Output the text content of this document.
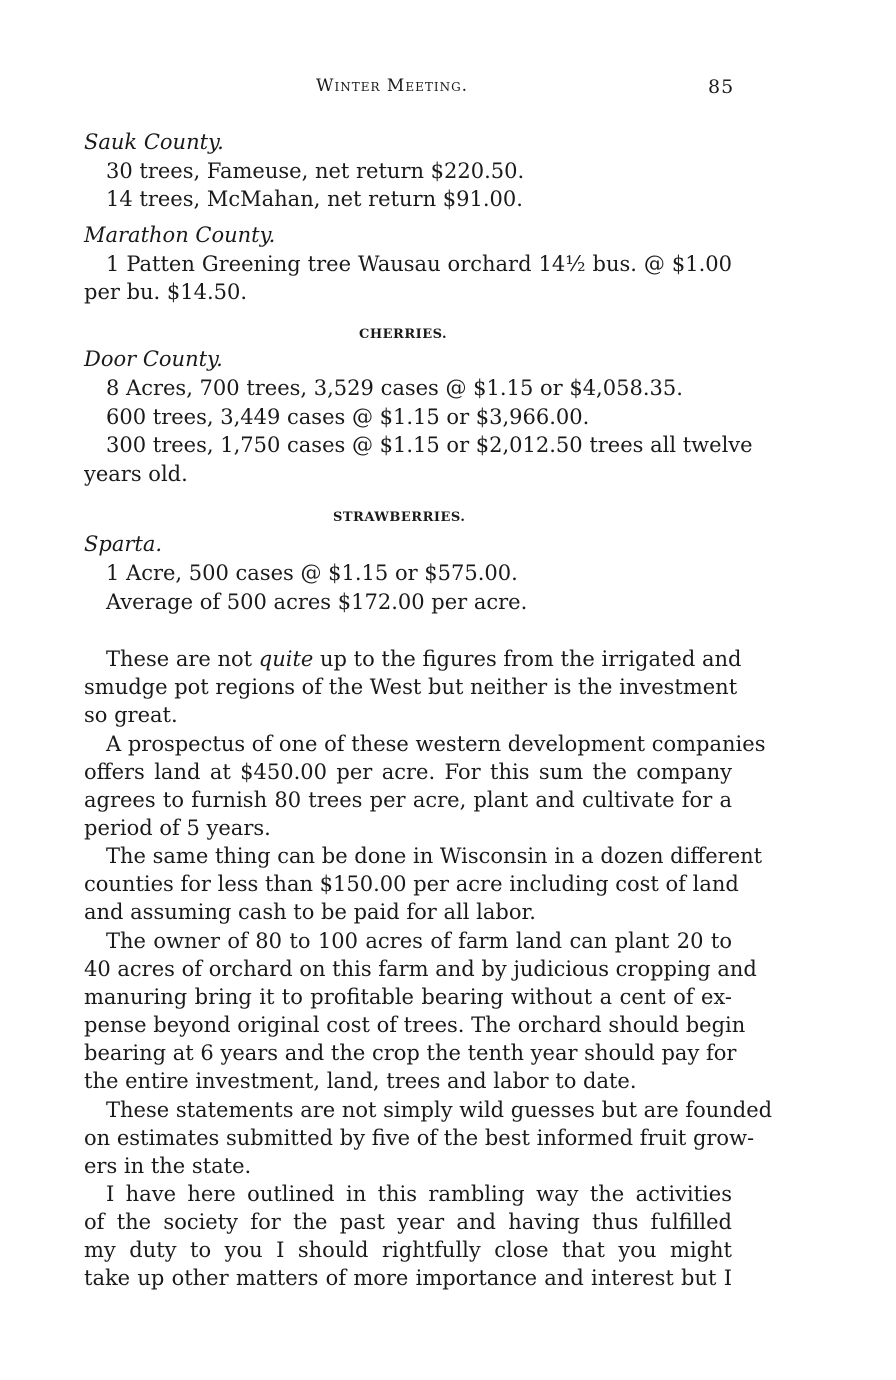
Winter Meeting.	85
Sauk County.
30 trees, Fameuse, net return $220.50.
14 trees, McMahan, net return $91.00.
Marathon County.
1 Patten Greening tree Wausau orchard 14½ bus. @ $1.00
per bu. $14.50.
CHERRIES.
Door County.
8 Acres, 700 trees, 3,529 cases @ $1.15 or $4,058.35.
600 trees, 3,449 cases @ $1.15 or $3,966.00.
300 trees, 1,750 cases @ $1.15 or $2,012.50 trees all twelve
years old.
STRAWBERRIES.
Sparta.
1 Acre, 500 cases @ $1.15 or $575.00.
Average of 500 acres $172.00 per acre.
These are not quite up to the figures from the irrigated and
smudge pot regions of the West but neither is the investment
so great.
A prospectus of one of these western development companies
offers land at $450.00 per acre. For this sum the company
agrees to furnish 80 trees per acre, plant and cultivate for a
period of 5 years.
The same thing can be done in Wisconsin in a dozen different
counties for less than $150.00 per acre including cost of land
and assuming cash to be paid for all labor.
The owner of 80 to 100 acres of farm land can plant 20 to
40 acres of orchard on this farm and by judicious cropping and
manuring bring it to profitable bearing without a cent of ex-
pense beyond original cost of trees. The orchard should begin
bearing at 6 years and the crop the tenth year should pay for
the entire investment, land, trees and labor to date.
These statements are not simply wild guesses but are founded
on estimates submitted by five of the best informed fruit grow-
ers in the state.
I have here outlined in this rambling way the activities
of the society for the past year and having thus fulfilled
my duty to you I should rightfully close that you might
take up other matters of more importance and interest but I
